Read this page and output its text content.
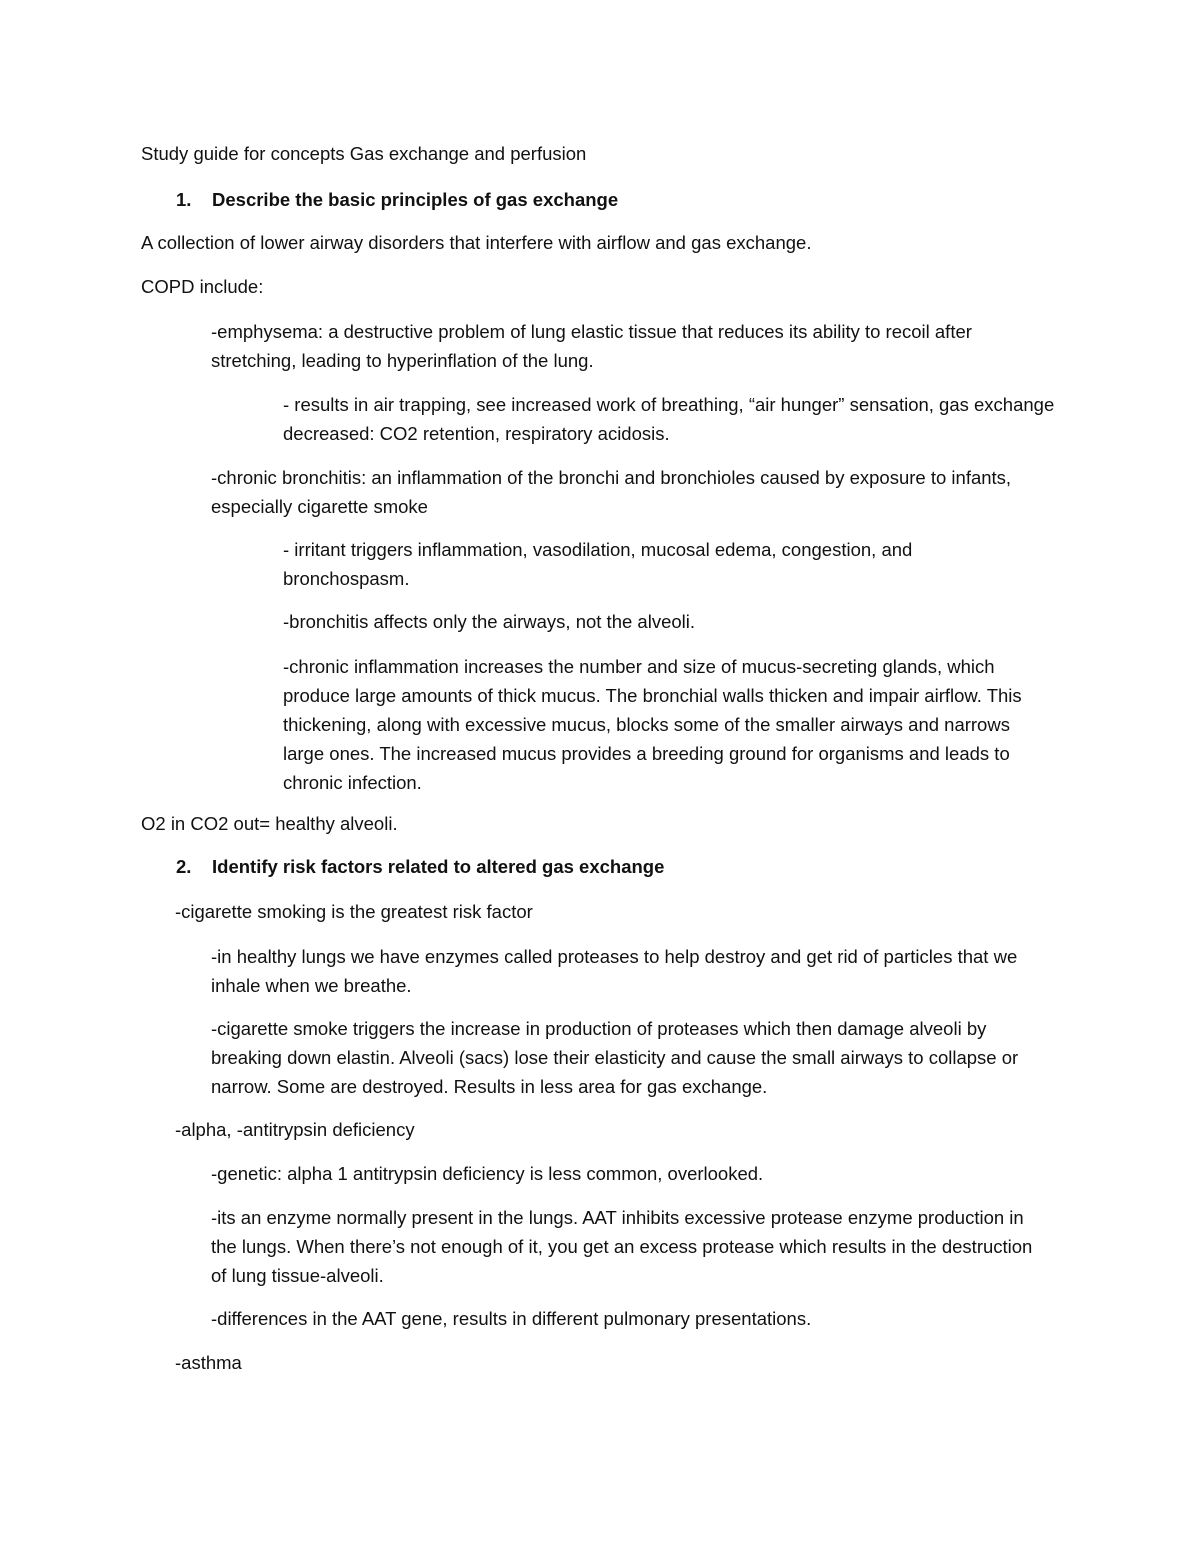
Study guide for concepts Gas exchange and perfusion

1. Describe the basic principles of gas exchange

A collection of lower airway disorders that interfere with airflow and gas exchange.

COPD include:

-emphysema: a destructive problem of lung elastic tissue that reduces its ability to recoil after stretching, leading to hyperinflation of the lung.

- results in air trapping, see increased work of breathing, “air hunger” sensation, gas exchange decreased: CO2 retention, respiratory acidosis.

-chronic bronchitis: an inflammation of the bronchi and bronchioles caused by exposure to infants, especially cigarette smoke

- irritant triggers inflammation, vasodilation, mucosal edema, congestion, and bronchospasm.

-bronchitis affects only the airways, not the alveoli.

-chronic inflammation increases the number and size of mucus-secreting glands, which produce large amounts of thick mucus. The bronchial walls thicken and impair airflow. This thickening, along with excessive mucus, blocks some of the smaller airways and narrows large ones. The increased mucus provides a breeding ground for organisms and leads to chronic infection.

O2 in CO2 out= healthy alveoli.

2. Identify risk factors related to altered gas exchange

-cigarette smoking is the greatest risk factor

-in healthy lungs we have enzymes called proteases to help destroy and get rid of particles that we inhale when we breathe.

-cigarette smoke triggers the increase in production of proteases which then damage alveoli by breaking down elastin. Alveoli (sacs) lose their elasticity and cause the small airways to collapse or narrow. Some are destroyed. Results in less area for gas exchange.

-alpha, -antitrypsin deficiency

-genetic: alpha 1 antitrypsin deficiency is less common, overlooked.

-its an enzyme normally present in the lungs. AAT inhibits excessive protease enzyme production in the lungs. When there’s not enough of it, you get an excess protease which results in the destruction of lung tissue-alveoli.

-differences in the AAT gene, results in different pulmonary presentations.

-asthma
